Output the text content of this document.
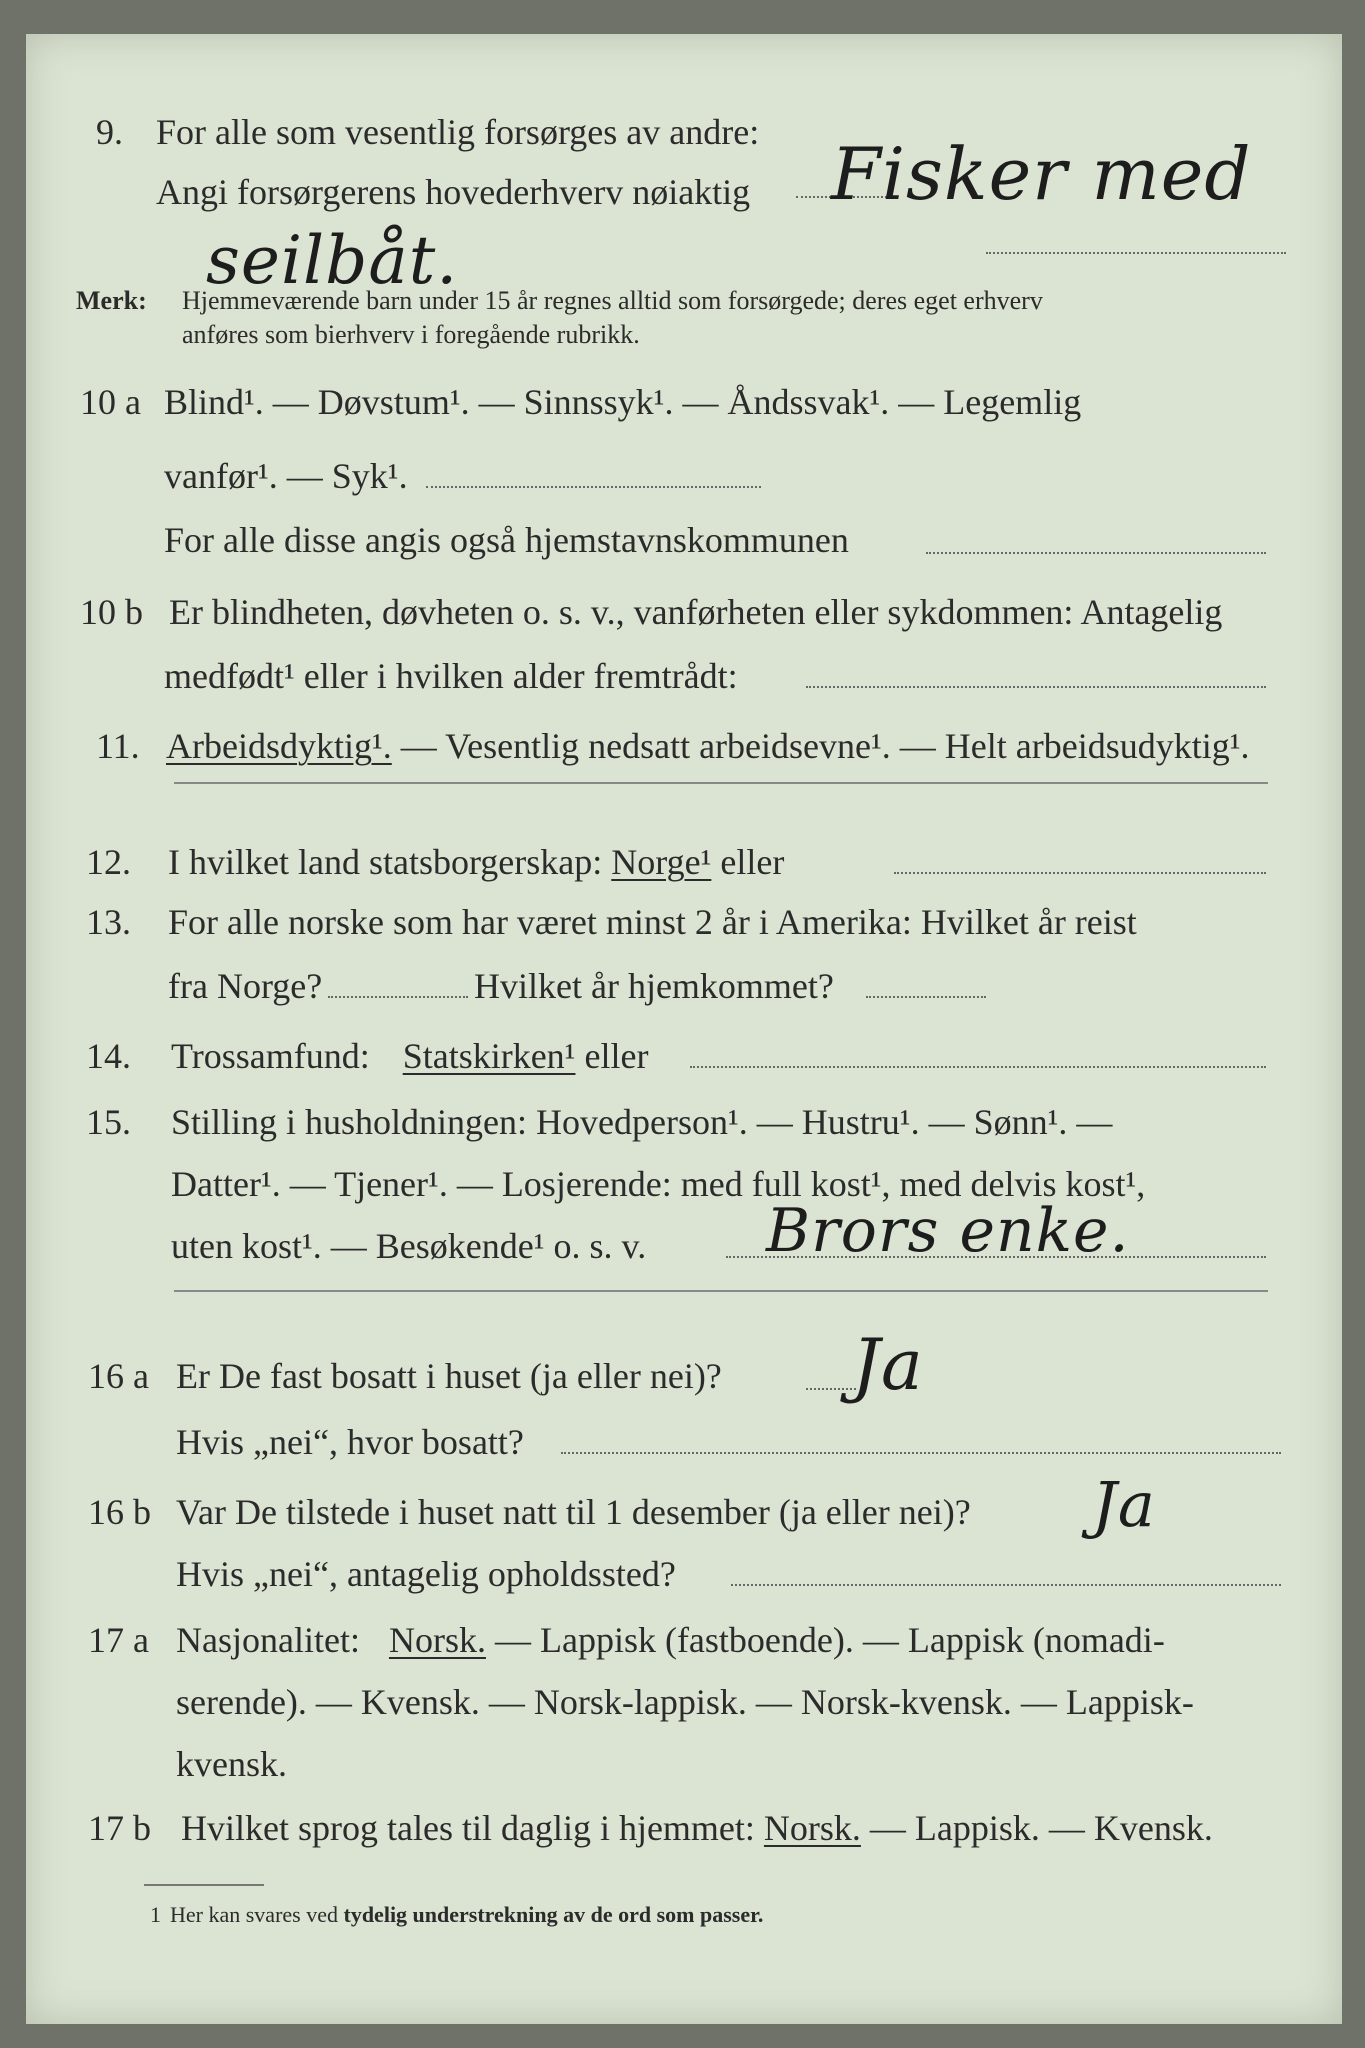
9. For alle som vesentlig forsørges av andre:
Angi forsørgerens hovederhverv nøiaktig Fisker med
seilbåt.
Merk:	Hjemmeværende barn under 15 år regnes alltid som forsørgede; deres eget erhverv
anføres som bierhverv i foregående rubrikk.
10 a Blind¹. — Døvstum¹. — Sinnssyk¹. — Åndssvak¹. — Legemlig
vanfør¹. — Syk¹.
For alle disse angis også hjemstavnskommunen
10 b Er blindheten, døvheten o. s. v., vanførheten eller sykdommen: Antagelig
medfødt¹ eller i hvilken alder fremtrådt:
11. Arbeidsdyktig¹. — Vesentlig nedsatt arbeidsevne¹. — Helt arbeidsudyktig¹.
12.	I hvilket land statsborgerskap: Norge¹ eller
13.	For alle norske som har været minst 2 år i Amerika: Hvilket år reist
fra Norge?	Hvilket år hjemkommet?
14.	Trossamfund: Statskirken¹ eller
15.	Stilling i husholdningen: Hovedperson¹. — Hustru¹. — Sønn¹. —
Datter¹. — Tjener¹. — Losjerende: med full kost¹, med delvis kost¹,
uten kost¹. — Besøkende¹ o. s. v. Brors enke.
16 a Er De fast bosatt i huset (ja eller nei)? Ja
Hvis „nei“, hvor bosatt?
16 b Var De tilstede i huset natt til 1 desember (ja eller nei)? Ja
Hvis „nei“, antagelig opholdssted?
17 a Nasjonalitet: Norsk. — Lappisk (fastboende). — Lappisk (nomadi-
serende). — Kvensk. — Norsk-lappisk. — Norsk-kvensk. — Lappisk-
kvensk.
17 b Hvilket sprog tales til daglig i hjemmet: Norsk. — Lappisk. — Kvensk.
1 Her kan svares ved tydelig understrekning av de ord som passer.
